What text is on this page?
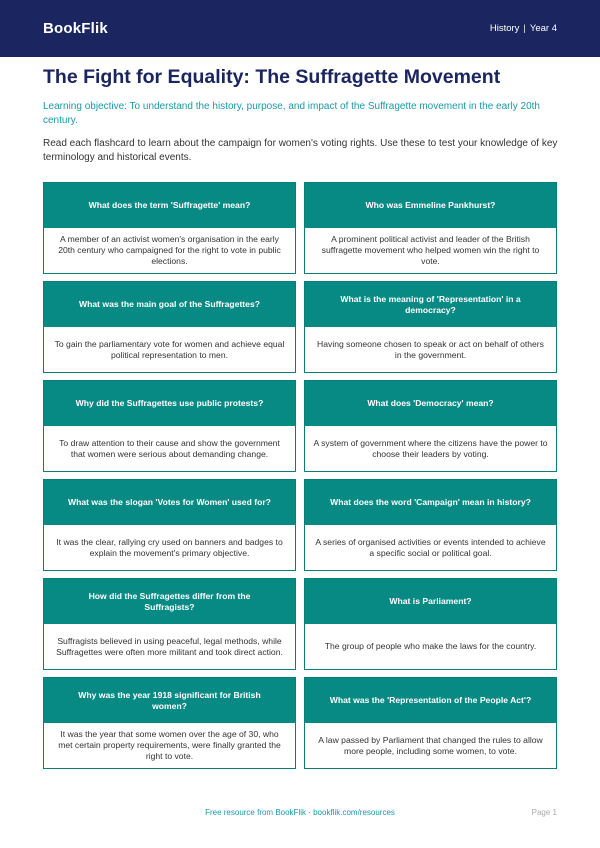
BookFlik	History | Year 4
The Fight for Equality: The Suffragette Movement

Learning objective: To understand the history, purpose, and impact of the Suffragette movement in the early 20th century.

Read each flashcard to learn about the campaign for women's voting rights. Use these to test your knowledge of key terminology and historical events.

What does the term 'Suffragette' mean?
A member of an activist women's organisation in the early 20th century who campaigned for the right to vote in public elections.
Who was Emmeline Pankhurst?
A prominent political activist and leader of the British suffragette movement who helped women win the right to vote.
What was the main goal of the Suffragettes?
To gain the parliamentary vote for women and achieve equal political representation to men.
What is the meaning of 'Representation' in a democracy?
Having someone chosen to speak or act on behalf of others in the government.
Why did the Suffragettes use public protests?
To draw attention to their cause and show the government that women were serious about demanding change.
What does 'Democracy' mean?
A system of government where the citizens have the power to choose their leaders by voting.
What was the slogan 'Votes for Women' used for?
It was the clear, rallying cry used on banners and badges to explain the movement's primary objective.
What does the word 'Campaign' mean in history?
A series of organised activities or events intended to achieve a specific social or political goal.
How did the Suffragettes differ from the Suffragists?
Suffragists believed in using peaceful, legal methods, while Suffragettes were often more militant and took direct action.
What is Parliament?
The group of people who make the laws for the country.
Why was the year 1918 significant for British women?
It was the year that some women over the age of 30, who met certain property requirements, were finally granted the right to vote.
What was the 'Representation of the People Act'?
A law passed by Parliament that changed the rules to allow more people, including some women, to vote.
Free resource from BookFlik · bookflik.com/resources	Page 1
